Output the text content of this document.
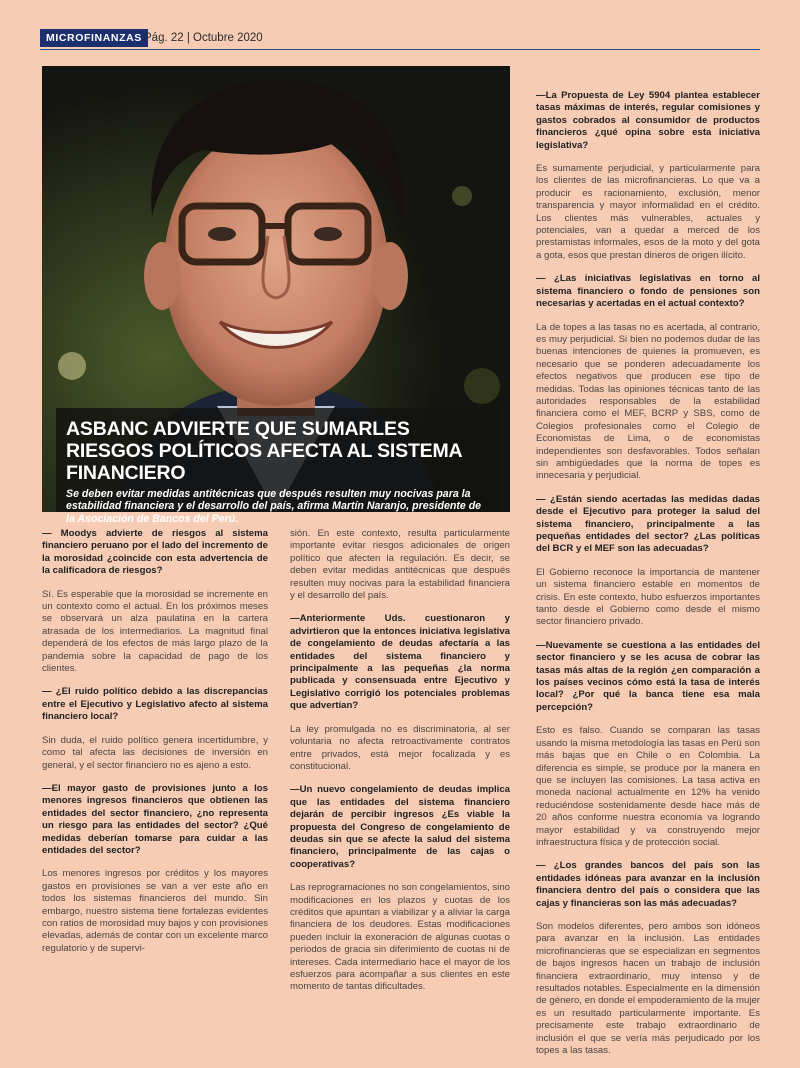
MICROFINANZAS Pág. 22 | Octubre 2020
ASBANC ADVIERTE QUE SUMARLES RIESGOS POLÍTICOS AFECTA AL SISTEMA FINANCIERO

Se deben evitar medidas antitécnicas que después resulten muy nocivas para la estabilidad financiera y el desarrollo del país, afirma Martín Naranjo, presidente de la Asociación de Bancos del Perú.

— Moodys advierte de riesgos al sistema financiero peruano por el lado del incremento de la morosidad ¿coincide con esta advertencia de la calificadora de riesgos?

Sí. Es esperable que la morosidad se incremente en un contexto como el actual. En los próximos meses se observará un alza paulatina en la cartera atrasada de los intermediarios. La magnitud final dependerá de los efectos de más largo plazo de la pandemia sobre la capacidad de pago de los clientes.

— ¿El ruido político debido a las discrepancias entre el Ejecutivo y Legislativo afecto al sistema financiero local?

Sin duda, el ruido político genera incertidumbre, y como tal afecta las decisiones de inversión en general, y el sector financiero no es ajeno a esto.

—El mayor gasto de provisiones junto a los menores ingresos financieros que obtienen las entidades del sector financiero, ¿no representa un riesgo para las entidades del sector? ¿Qué medidas deberían tomarse para cuidar a las entidades del sector?

Los menores ingresos por créditos y los mayores gastos en provisiones se van a ver este año en todos los sistemas financieros del mundo. Sin embargo, nuestro sistema tiene fortalezas evidentes con ratios de morosidad muy bajos y con provisiones elevadas, además de contar con un excelente marco regulatorio y de supervi-

sión. En este contexto, resulta particularmente importante evitar riesgos adicionales de origen político que afecten la regulación. Es decir, se deben evitar medidas antitécnicas que después resulten muy nocivas para la estabilidad financiera y el desarrollo del país.

—Anteriormente Uds. cuestionaron y advirtieron que la entonces iniciativa legislativa de congelamiento de deudas afectaría a las entidades del sistema financiero y principalmente a las pequeñas ¿la norma publicada y consensuada entre Ejecutivo y Legislativo corrigió los potenciales problemas que advertían?

La ley promulgada no es discriminatoria, al ser voluntaria no afecta retroactivamente contratos entre privados, está mejor focalizada y es constitucional.

—Un nuevo congelamiento de deudas implica que las entidades del sistema financiero dejarán de percibir ingresos ¿Es viable la propuesta del Congreso de congelamiento de deudas sin que se afecte la salud del sistema financiero, principalmente de las cajas o cooperativas?

Las reprogramaciones no son congelamientos, sino modificaciones en los plazos y cuotas de los créditos que apuntan a viabilizar y a aliviar la carga financiera de los deudores. Estas modificaciones pueden incluir la exoneración de algunas cuotas o periodos de gracia sin diferimiento de cuotas ni de intereses. Cada intermediario hace el mayor de los esfuerzos para acompañar a sus clientes en este momento de tantas dificultades.

—La Propuesta de Ley 5904 plantea establecer tasas máximas de interés, regular comisiones y gastos cobrados al consumidor de productos financieros ¿qué opina sobre esta iniciativa legislativa?

Es sumamente perjudicial, y particularmente para los clientes de las microfinancieras. Lo que va a producir es racionamiento, exclusión, menor transparencia y mayor informalidad en el crédito. Los clientes más vulnerables, actuales y potenciales, van a quedar a merced de los prestamistas informales, esos de la moto y del gota a gota, esos que prestan dineros de origen ilícito.

— ¿Las iniciativas legislativas en torno al sistema financiero o fondo de pensiones son necesarias y acertadas en el actual contexto?

La de topes a las tasas no es acertada, al contrario, es muy perjudicial. Si bien no podemos dudar de las buenas intenciones de quienes la promueven, es necesario que se ponderen adecuadamente los efectos negativos que producen ese tipo de medidas. Todas las opiniones técnicas tanto de las autoridades responsables de la estabilidad financiera como el MEF, BCRP y SBS, como de Colegios profesionales como el Colegio de Economistas de Lima, o de economistas independientes son desfavorables. Todos señalan sin ambigüedades que la norma de topes es innecesaria y perjudicial.

— ¿Están siendo acertadas las medidas dadas desde el Ejecutivo para proteger la salud del sistema financiero, principalmente a las pequeñas entidades del sector? ¿Las políticas del BCR y el MEF son las adecuadas?

El Gobierno reconoce la importancia de mantener un sistema financiero estable en momentos de crisis. En este contexto, hubo esfuerzos importantes tanto desde el Gobierno como desde el mismo sector financiero privado.

—Nuevamente se cuestiona a las entidades del sector financiero y se les acusa de cobrar las tasas más altas de la región ¿en comparación a los países vecinos cómo está la tasa de interés local? ¿Por qué la banca tiene esa mala percepción?

Esto es falso. Cuando se comparan las tasas usando la misma metodología las tasas en Perú son más bajas que en Chile o en Colombia. La diferencia es simple, se produce por la manera en que se incluyen las comisiones. La tasa activa en moneda nacional actualmente en 12% ha venido reduciéndose sostenidamente desde hace más de 20 años conforme nuestra economía va logrando mayor estabilidad y va construyendo mejor infraestructura física y de protección social.

— ¿Los grandes bancos del país son las entidades idóneas para avanzar en la inclusión financiera dentro del país o considera que las cajas y financieras son las más adecuadas?

Son modelos diferentes, pero ambos son idóneos para avanzar en la inclusión. Las entidades microfinancieras que se especializan en segmentos de bajos ingresos hacen un trabajo de inclusión financiera extraordinario, muy intenso y de resultados notables. Especialmente en la dimensión de género, en donde el empoderamiento de la mujer es un resultado particularmente importante. Es precisamente este trabajo extraordinario de inclusión el que se vería más perjudicado por los topes a las tasas.
